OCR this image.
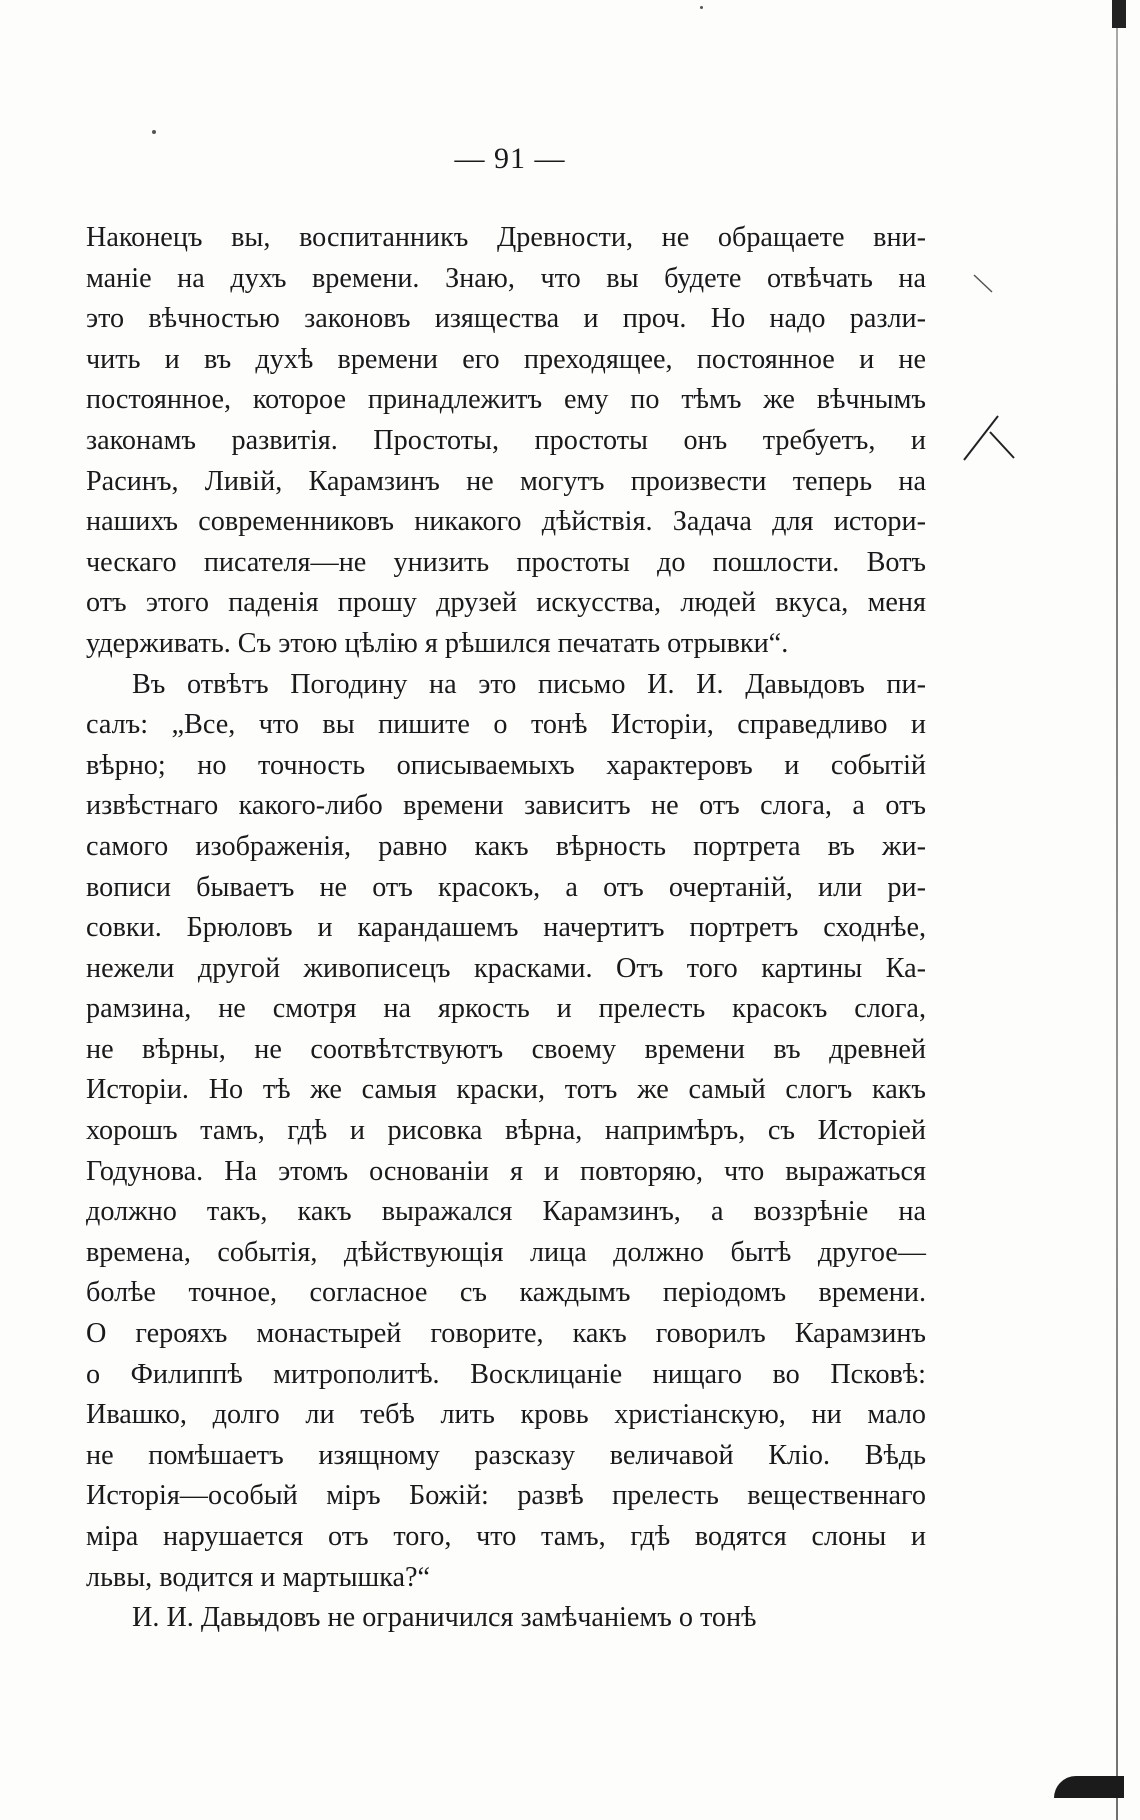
— 91 —
Наконецъ вы, воспитанникъ Древности, не обращаете вни-
маніе на духъ времени. Знаю, что вы будете отвѣчать на
это вѣчностью законовъ изящества и проч. Но надо разли-
чить и въ духѣ времени его преходящее, постоянное и не
постоянное, которое принадлежитъ ему по тѣмъ же вѣчнымъ
законамъ развитія. Простоты, простоты онъ требуетъ, и
Расинъ, Ливій, Карамзинъ не могутъ произвести теперь на
нашихъ современниковъ никакого дѣйствія. Задача для истори-
ческаго писателя—не унизить простоты до пошлости. Вотъ
отъ этого паденія прошу друзей искусства, людей вкуса, меня
удерживать. Съ этою цѣлію я рѣшился печатать отрывки“.
Въ отвѣтъ Погодину на это письмо И. И. Давыдовъ пи-
салъ: „Все, что вы пишите о тонѣ Исторіи, справедливо и
вѣрно; но точность описываемыхъ характеровъ и событій
извѣстнаго какого-либо времени зависитъ не отъ слога, а отъ
самого изображенія, равно какъ вѣрность портрета въ жи-
вописи бываетъ не отъ красокъ, а отъ очертаній, или ри-
совки. Брюловъ и карандашемъ начертитъ портретъ сходнѣе,
нежели другой живописецъ красками. Отъ того картины Ка-
рамзина, не смотря на яркость и прелесть красокъ слога,
не вѣрны, не соотвѣтствуютъ своему времени въ древней
Исторіи. Но тѣ же самыя краски, тотъ же самый слогъ какъ
хорошъ тамъ, гдѣ и рисовка вѣрна, напримѣръ, съ Исторіей
Годунова. На этомъ основаніи я и повторяю, что выражаться
должно такъ, какъ выражался Карамзинъ, а воззрѣніе на
времена, событія, дѣйствующія лица должно бытѣ другое—
болѣе точное, согласное съ каждымъ періодомъ времени.
О герояхъ монастырей говорите, какъ говорилъ Карамзинъ
о Филиппѣ митрополитѣ. Восклицаніе нищаго во Псковѣ:
Ивашко, долго ли тебѣ лить кровь христіанскую, ни мало
не помѣшаетъ изящному разсказу величавой Кліо. Вѣдь
Исторія—особый міръ Божій: развѣ прелесть вещественнаго
міра нарушается отъ того, что тамъ, гдѣ водятся слоны и
львы, водится и мартышка?“
И. И. Давыдовъ не ограничился замѣчаніемъ о тонѣ
